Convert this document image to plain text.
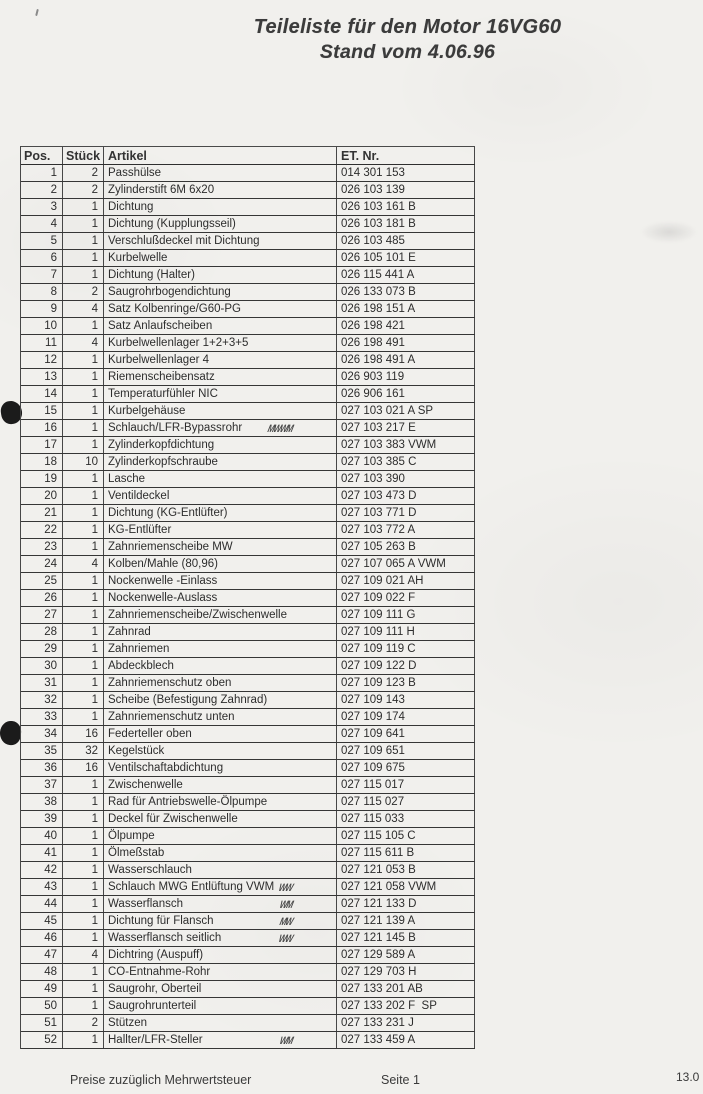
Teileliste für den Motor 16VG60
Stand vom 4.06.96
Pos.	Stück Artikel	ET. Nr.
1	2 Passhülse	014 301 153
2	2 Zylinderstift 6M 6x20	026 103 139
3	1 Dichtung	026 103 161 B
4	1 Dichtung (Kupplungsseil)	026 103 181 B
5	1 Verschlußdeckel mit Dichtung	026 103 485
6	1 Kurbelwelle	026 105 101 E
7	1 Dichtung (Halter)	026 115 441 A
8	2 Saugrohrbogendichtung	026 133 073 B
9	4 Satz Kolbenringe/G60-PG	026 198 151 A
10	1 Satz Anlaufscheiben	026 198 421
11	4 Kurbelwellenlager 1+2+3+5	026 198 491
12	1 Kurbelwellenlager 4	026 198 491 A
13	1 Riemenscheibensatz	026 903 119
14	1 Temperaturfühler NIC	026 906 161
15	1 Kurbelgehäuse	027 103 021 A SP
16	1 Schlauch/LFR-Bypassrohr	MWWM	027 103 217 E
17	1 Zylinderkopfdichtung	027 103 383 VWM
18	10 Zylinderkopfschraube	027 103 385 C
19	1 Lasche	027 103 390
20	1 Ventildeckel	027 103 473 D
21	1 Dichtung (KG-Entlüfter)	027 103 771 D
22	1 KG-Entlüfter	027 103 772 A
23	1 Zahnriemenscheibe MW	027 105 263 B
24	4 Kolben/Mahle (80,96)	027 107 065 A VWM
25	1 Nockenwelle -Einlass	027 109 021 AH
26	1 Nockenwelle-Auslass	027 109 022 F
27	1 Zahnriemenscheibe/Zwischenwelle	027 109 111 G
28	1 Zahnrad	027 109 111 H
29	1 Zahnriemen	027 109 119 C
30	1 Abdeckblech	027 109 122 D
31	1 Zahnriemenschutz oben	027 109 123 B
32	1 Scheibe (Befestigung Zahnrad)	027 109 143
33	1 Zahnriemenschutz unten	027 109 174
34	16 Federteller oben	027 109 641
35	32 Kegelstück	027 109 651
36	16 Ventilschaftabdichtung	027 109 675
37	1 Zwischenwelle	027 115 017
38	1 Rad für Antriebswelle-Ölpumpe	027 115 027
39	1 Deckel für Zwischenwelle	027 115 033
40	1 Ölpumpe	027 115 105 C
41	1 Ölmeßstab	027 115 611 B
42	1 Wasserschlauch	027 121 053 B
43	1 Schlauch MWG Entlüftung VWM WW	027 121 058 VWM
44	1 Wasserflansch	WM	027 121 133 D
45	1 Dichtung für Flansch	MW	027 121 139 A
46	1 Wasserflansch seitlich	WW	027 121 145 B
47	4 Dichtring (Auspuff)	027 129 589 A
48	1 CO-Entnahme-Rohr	027 129 703 H
49	1 Saugrohr, Oberteil	027 133 201 AB
50	1 Saugrohrunterteil	027 133 202 F  SP
51	2 Stützen	027 133 231 J
52	1 Hallter/LFR-Steller	WM	027 133 459 A
Preise zuzüglich Mehrwertsteuer	Seite 1	13.0
